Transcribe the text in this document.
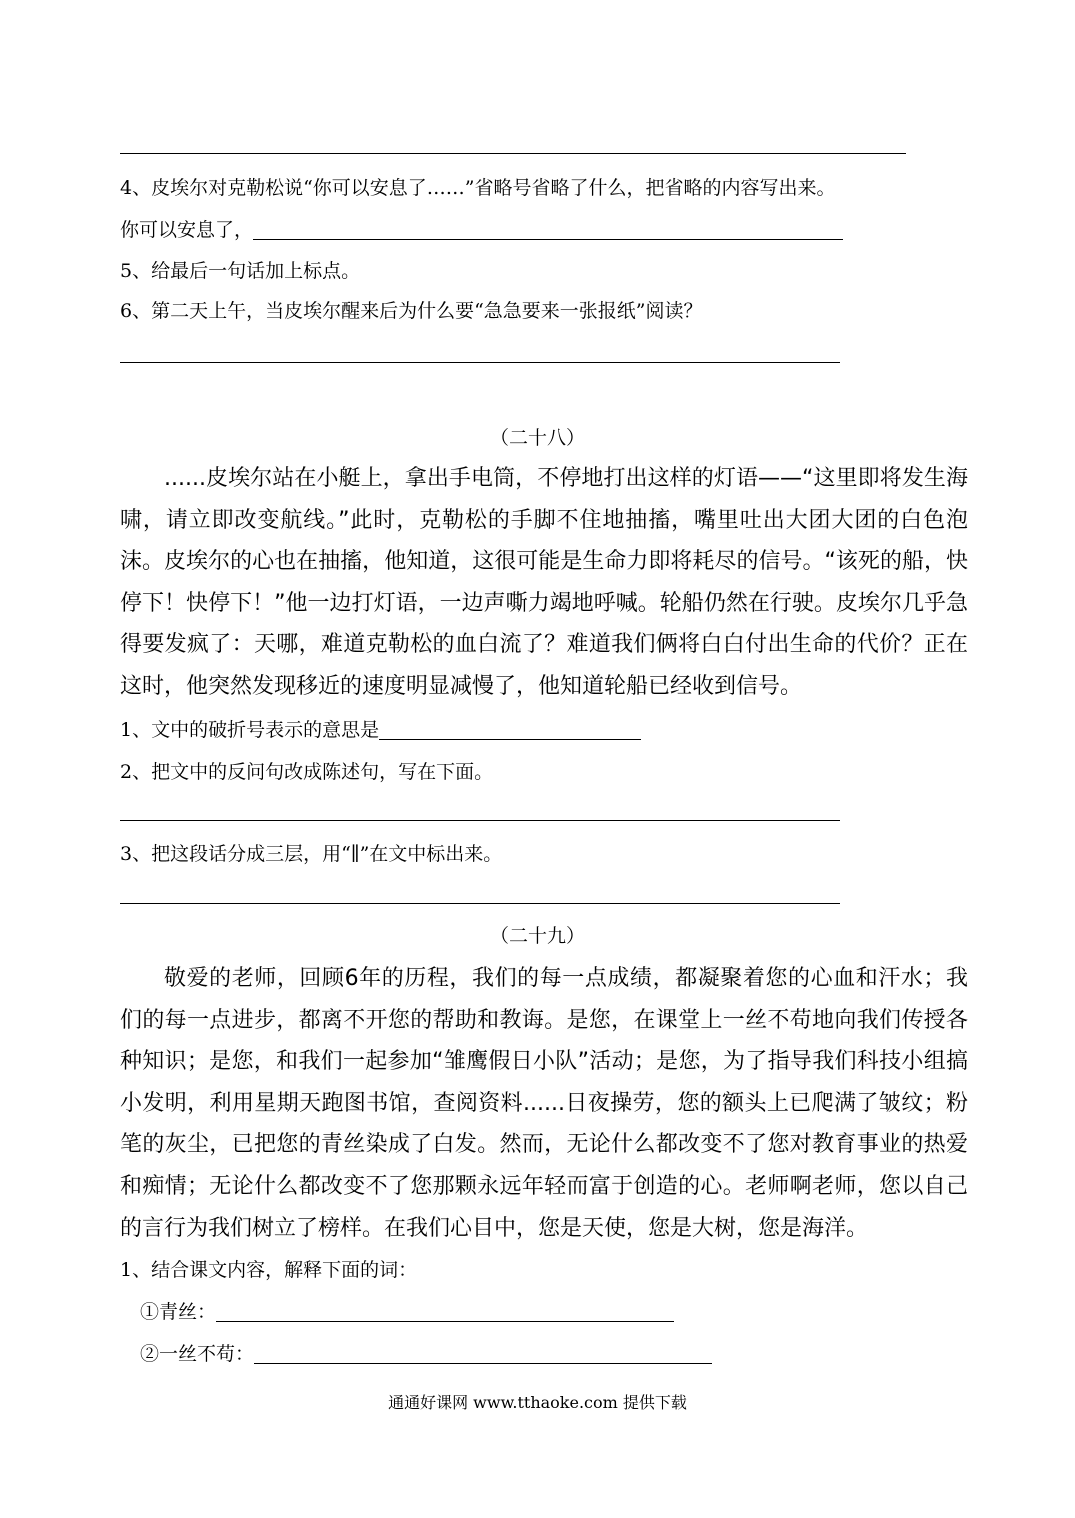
4、皮埃尔对克勒松说“你可以安息了……”省略号省略了什么，把省略的内容写出来。
你可以安息了，
5、给最后一句话加上标点。
6、第二天上午，当皮埃尔醒来后为什么要“急急要来一张报纸”阅读？
（二十八）

......皮埃尔站在小艇上，拿出手电筒，不停地打出这样的灯语——“这里即将发生海啸，请立即改变航线。”此时，克勒松的手脚不住地抽搐，嘴里吐出大团大团的白色泡沫。皮埃尔的心也在抽搐，他知道，这很可能是生命力即将耗尽的信号。“该死的船，快停下！快停下！”他一边打灯语，一边声嘶力竭地呼喊。轮船仍然在行驶。皮埃尔几乎急得要发疯了：天哪，难道克勒松的血白流了？难道我们俩将白白付出生命的代价？正在这时，他突然发现移近的速度明显减慢了，他知道轮船已经收到信号。

1、文中的破折号表示的意思是
2、把文中的反问句改成陈述句，写在下面。
3、把这段话分成三层，用“∥”在文中标出来。
（二十九）

敬爱的老师，回顾6年的历程，我们的每一点成绩，都凝聚着您的心血和汗水；我们的每一点进步，都离不开您的帮助和教诲。是您，在课堂上一丝不苟地向我们传授各种知识；是您，和我们一起参加“雏鹰假日小队”活动；是您，为了指导我们科技小组搞小发明，利用星期天跑图书馆，查阅资料......日夜操劳，您的额头上已爬满了皱纹；粉笔的灰尘，已把您的青丝染成了白发。然而，无论什么都改变不了您对教育事业的热爱和痴情；无论什么都改变不了您那颗永远年轻而富于创造的心。老师啊老师，您以自己的言行为我们树立了榜样。在我们心目中，您是天使，您是大树，您是海洋。

1、结合课文内容，解释下面的词：
①青丝：
②一丝不苟：
通通好课网 www.tthaoke.com 提供下载
